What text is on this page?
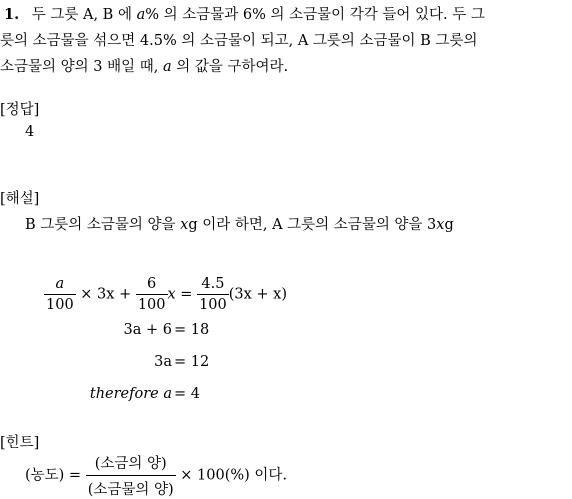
1. 두 그릇 A, B 에 a% 의 소금물과 6% 의 소금물이 각각 들어 있다. 두 그
릇의 소금물을 섞으면 4.5% 의 소금물이 되고, A 그릇의 소금물이 B 그릇의
소금물의 양의 3 배일 때, a 의 값을 구하여라.
[정답]
4
[해설]
B 그릇의 소금물의 양을 xg 이라 하면, A 그릇의 소금물의 양을 3xg
$\frac{a}{100} \times 3x + \frac{6}{100}$ $x = \frac{4.5}{100} (3x + x)$
3a + 6 = 18
3a = 12
therefore a = 4
[힌트]
(농도) = $\frac{\text{(소금의 양)}}{\text{(소금물의 양)}} \times 100(\%)$ 이다.
